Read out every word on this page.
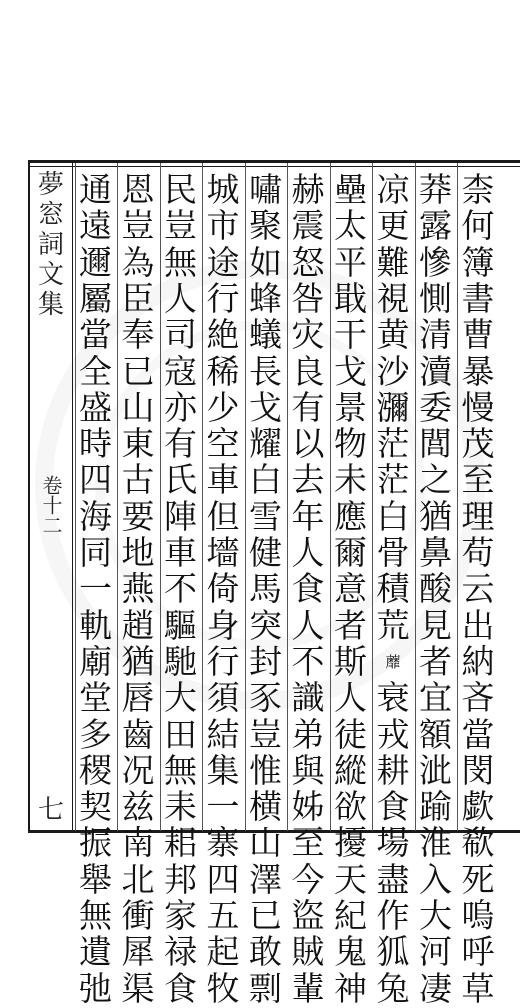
夢
窓
詞
文
集
卷十二
七
柰
何
簿
書
曹
暴
慢
茂
至
理
苟
云
出
納
吝
當
閔
歔
欷
死
嗚
呼
草
莽
露
慘
惻
清
瀆
委
閭
之
猶
鼻
酸
見
者
宜
額
泚
踰
淮
入
大
河
凄
凉
更
難
視
黄
沙
瀰
茫
茫
白
骨
積
荒
蘼
衰
戎
耕
食
場
盡
作
狐
兔
壘
太
平
戢
干
戈
景
物
未
應
爾
意
者
斯
人
徒
縱
欲
擾
天
紀
鬼
神
赫
震
怒
咎
灾
良
有
以
去
年
人
食
人
不
識
弟
與
姊
至
今
盜
賊
輩
嘯
聚
如
蜂
蟻
長
戈
耀
白
雪
健
馬
突
封
豕
豈
惟
横
山
澤
已
敢
剽
城
市
途
行
絶
稀
少
空
車
但
墻
倚
身
行
須
結
集
一
寨
四
五
起
牧
民
豈
無
人
司
寇
亦
有
氏
陣
車
不
驅
馳
大
田
無
耒
耜
邦
家
禄
食
恩
豈
為
臣
奉
已
山
東
古
要
地
燕
趙
猶
唇
齒
况
兹
南
北
衝
犀
渠
通
遠
邇
屬
當
全
盛
時
四
海
同
一
軌
廟
堂
多
稷
契
振
舉
無
遺
弛
